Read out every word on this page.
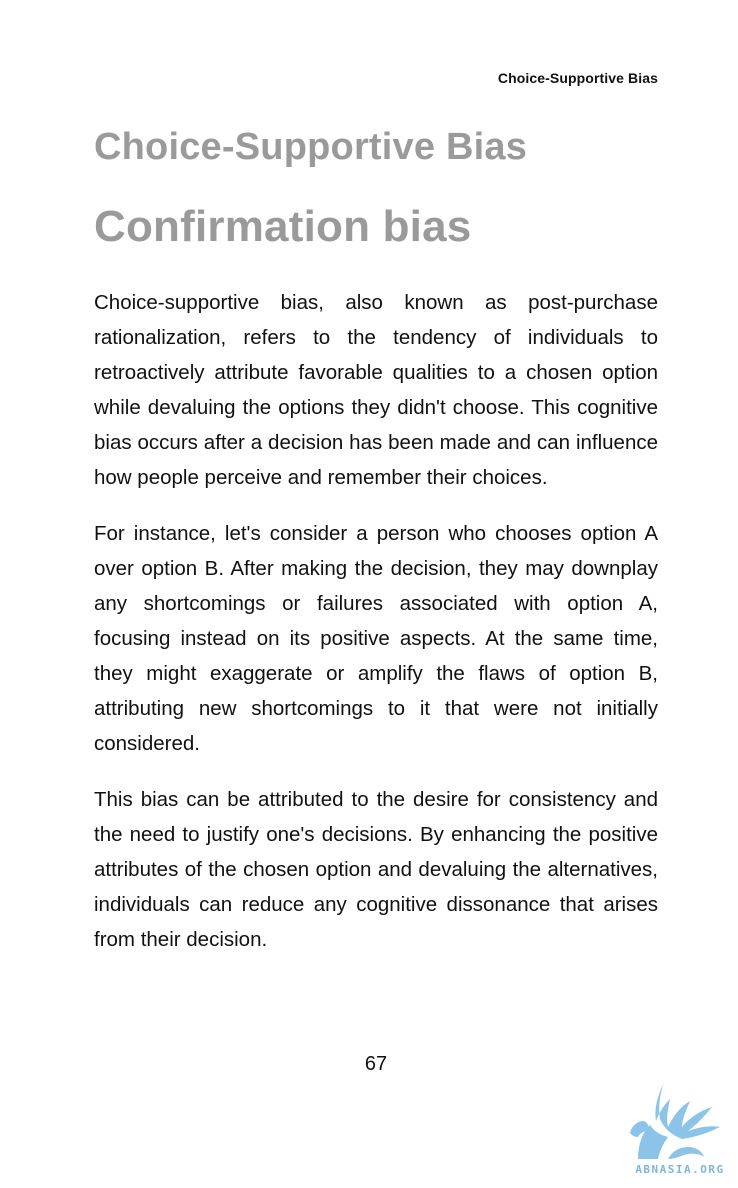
Choice-Supportive Bias
Choice-Supportive Bias
Confirmation bias

Choice-supportive bias, also known as post-purchase rationalization, refers to the tendency of individuals to retroactively attribute favorable qualities to a chosen option while devaluing the options they didn't choose. This cognitive bias occurs after a decision has been made and can influence how people perceive and remember their choices.

For instance, let's consider a person who chooses option A over option B. After making the decision, they may downplay any shortcomings or failures associated with option A, focusing instead on its positive aspects. At the same time, they might exaggerate or amplify the flaws of option B, attributing new shortcomings to it that were not initially considered.

This bias can be attributed to the desire for consistency and the need to justify one's decisions. By enhancing the positive attributes of the chosen option and devaluing the alternatives, individuals can reduce any cognitive dissonance that arises from their decision.

67
ABNASIA.ORG
